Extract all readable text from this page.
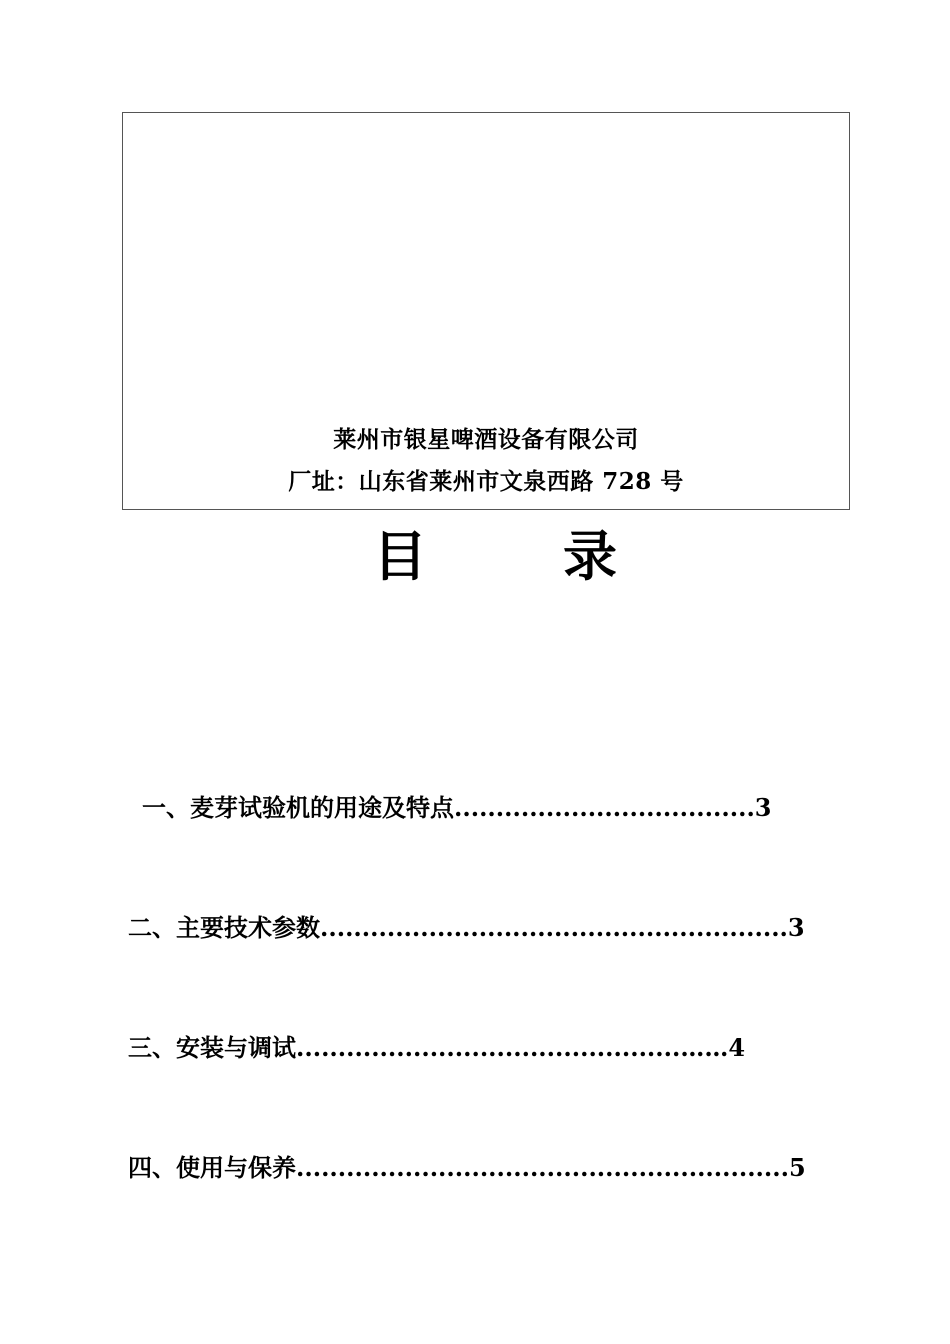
莱州市银星啤酒设备有限公司
厂址：山东省莱州市文泉西路 728 号
目	录
一、麦芽试验机的用途及特点....................................3
二、主要技术参数........................................................3
三、安装与调试..............................................……4
四、使用与保养...........................................................5
